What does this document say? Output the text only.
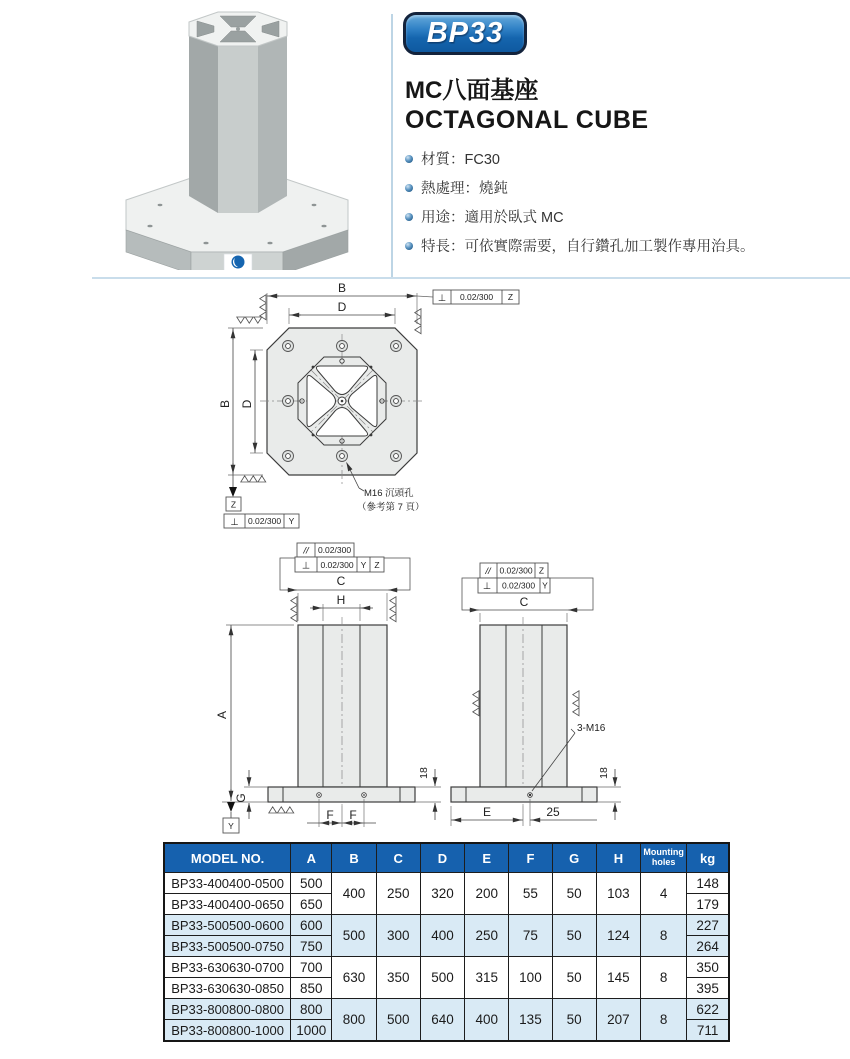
BP33
MC八面基座
OCTAGONAL CUBE
材質：FC30
熱處理：燒鈍
用途：適用於臥式 MC
特長：可依實際需要，自行鑽孔加工製作專用治具。
B
D
B D
⊥ 0.02/300 Z
Z
⊥ 0.02/300 Y
M16 沉頭孔
（參考第 7 頁）
// 0.02/300
⊥ 0.02/300 Y Z
C
H
A
Y
G
F F
18
// 0.02/300 Z
⊥ 0.02/300 Y
C
3-M16
18
E	25
MODEL NO.	A	B	C	D	E	F	G	H	Mounting holes	kg
BP33-400400-0500	500	400	250	320	200	55	50	103	4	148
BP33-400400-0650	650									179
BP33-500500-0600	600	500	300	400	250	75	50	124	8	227
BP33-500500-0750	750									264
BP33-630630-0700	700	630	350	500	315	100	50	145	8	350
BP33-630630-0850	850									395
BP33-800800-0800	800	800	500	640	400	135	50	207	8	622
BP33-800800-1000	1000									711
